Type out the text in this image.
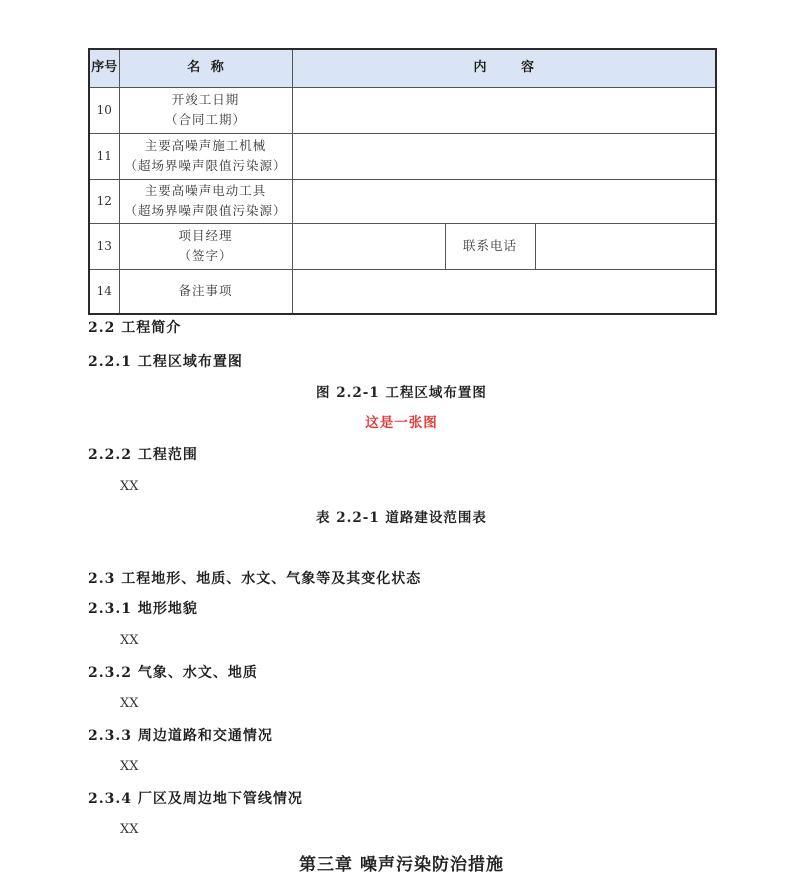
序号	名 称	内 容		
10	开竣工日期
（合同工期）			

11	主要高噪声施工机械
（超场界噪声限值污染源）			

12	主要高噪声电动工具
（超场界噪声限值污染源）			

13	项目经理
（签字）		联系电话	

14	备注事项			

2.2 工程简介
2.2.1 工程区域布置图
图 2.2-1 工程区域布置图
这是一张图
2.2.2 工程范围
XX
表 2.2-1 道路建设范围表
2.3 工程地形、地质、水文、气象等及其变化状态
2.3.1 地形地貌
XX
2.3.2 气象、水文、地质
XX
2.3.3 周边道路和交通情况
XX
2.3.4 厂区及周边地下管线情况
XX
第三章 噪声污染防治措施
